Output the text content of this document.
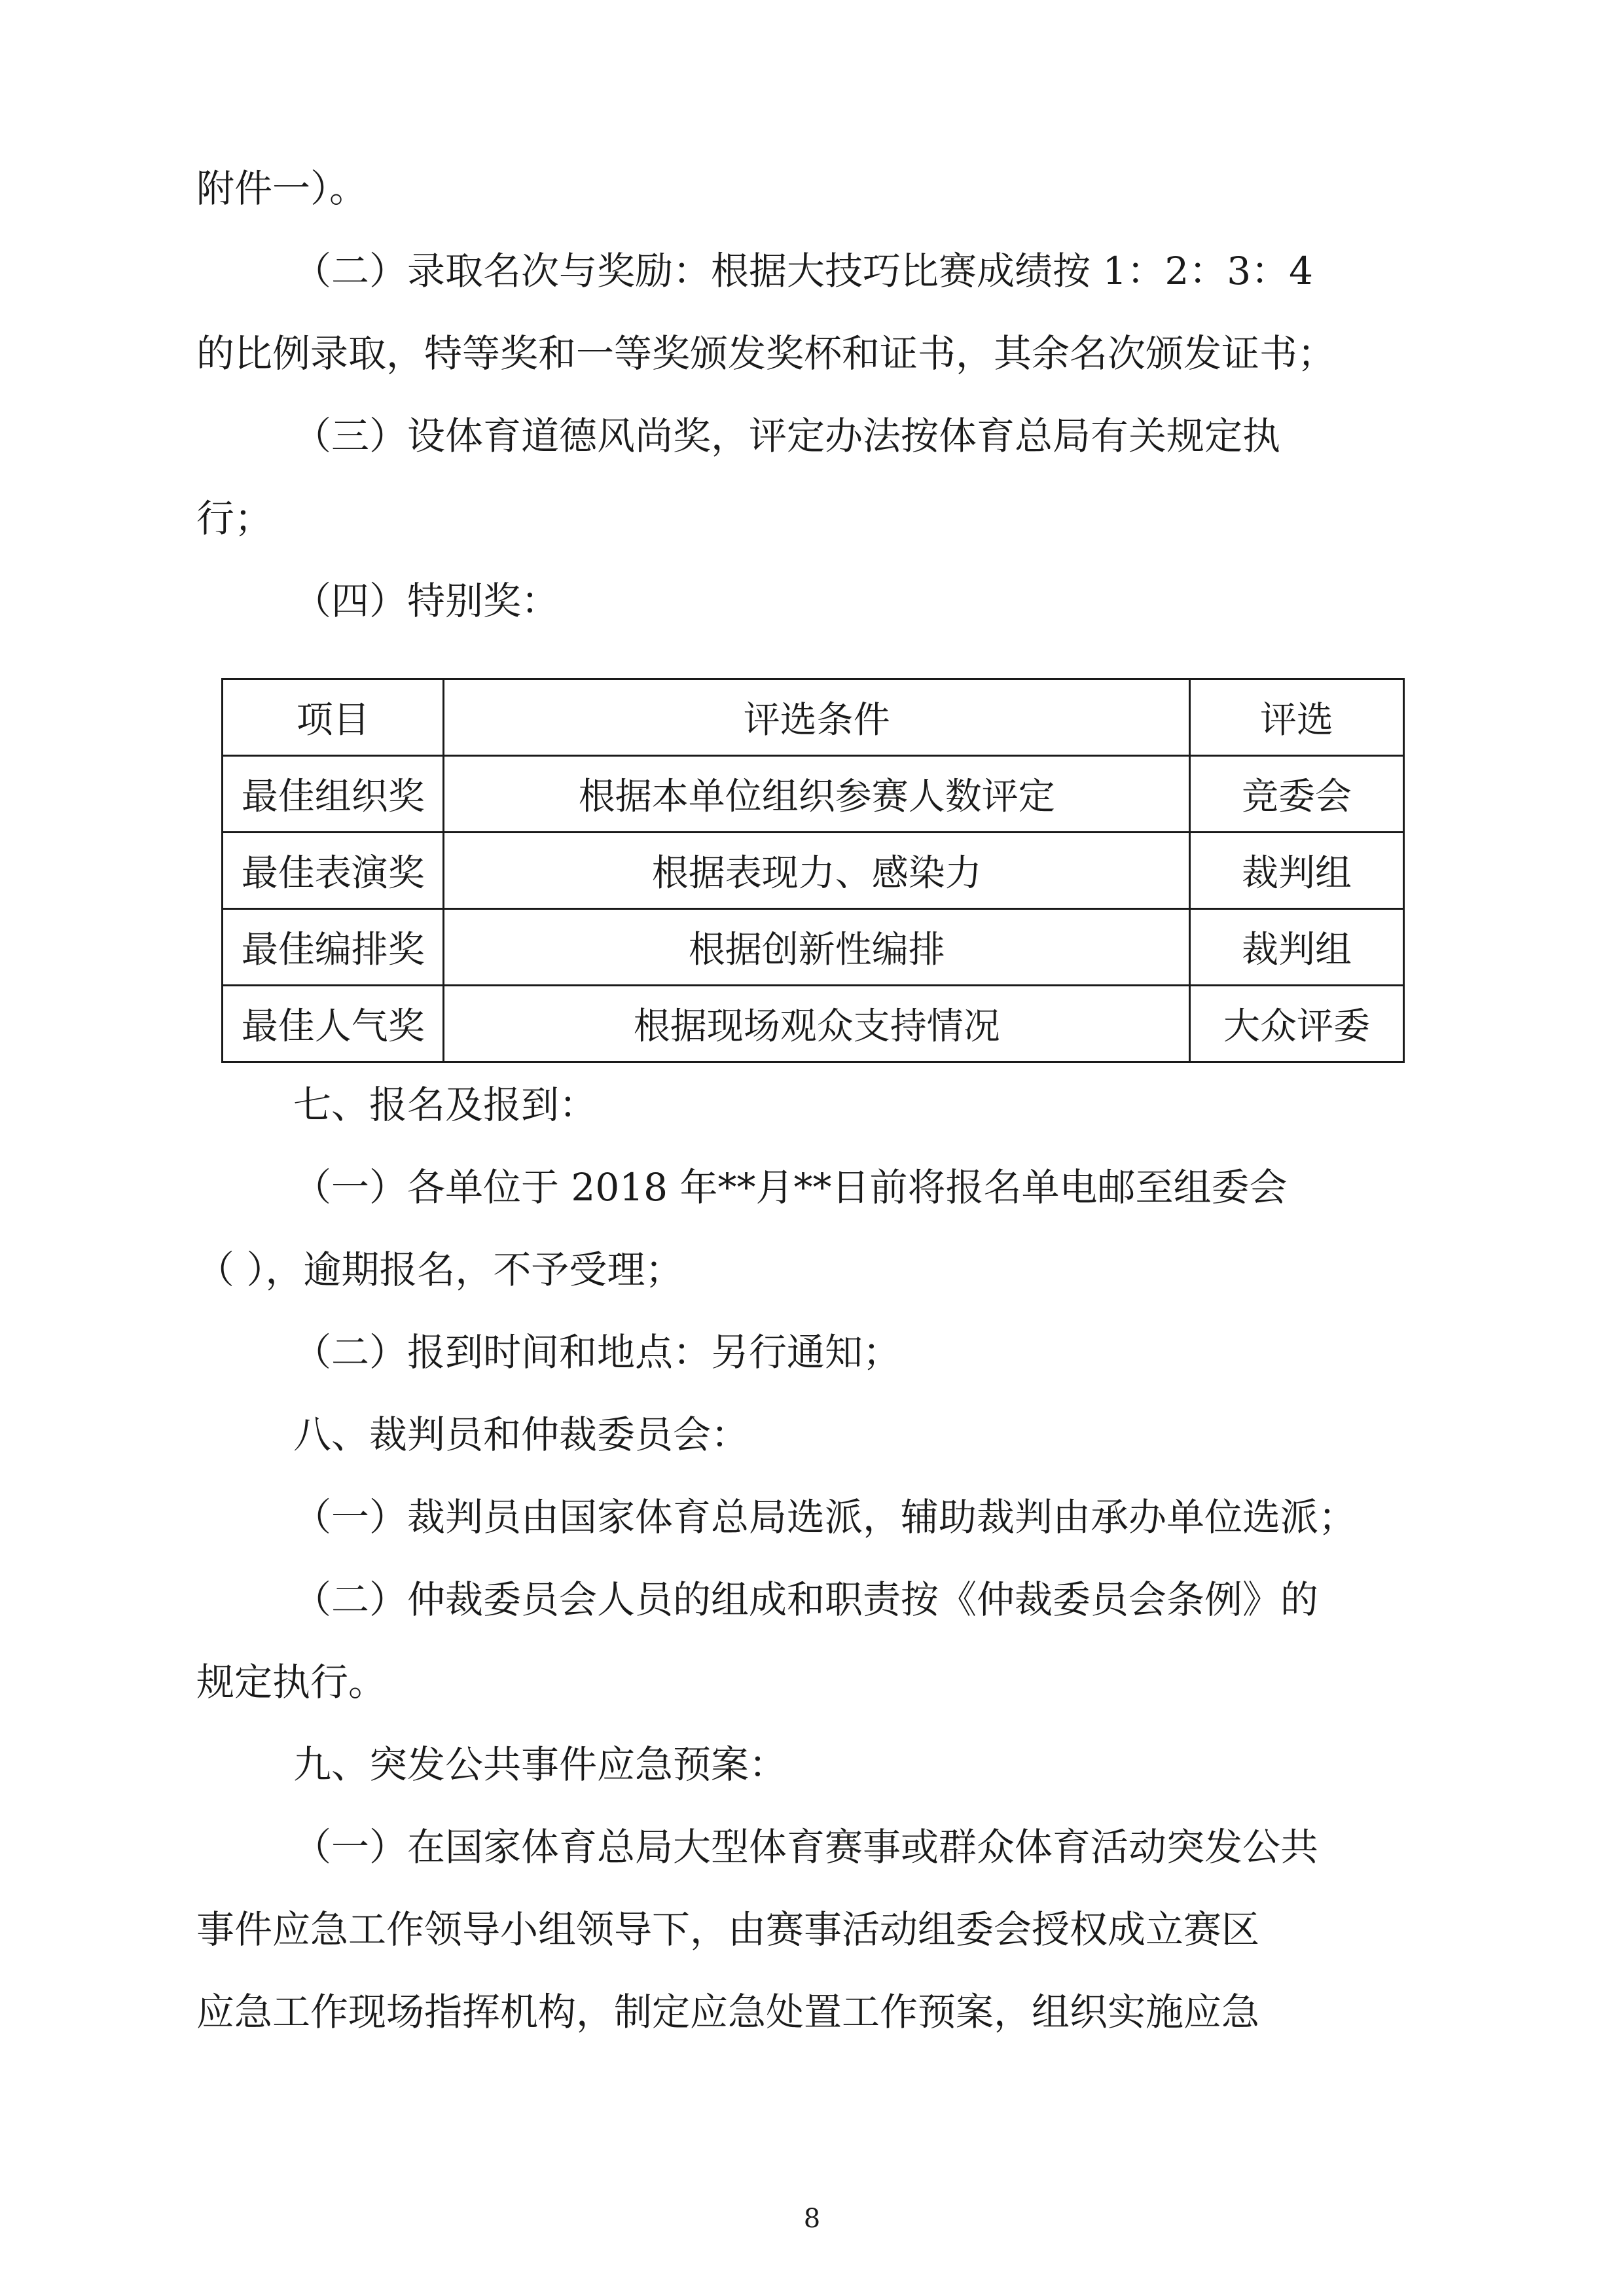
附件一）。

（二）录取名次与奖励：根据大技巧比赛成绩按 1：2：3：4

的比例录取，特等奖和一等奖颁发奖杯和证书，其余名次颁发证书；

（三）设体育道德风尚奖，评定办法按体育总局有关规定执

行；

（四）特别奖：

项目	评选条件	评选
最佳组织奖	根据本单位组织参赛人数评定	竞委会
最佳表演奖	根据表现力、感染力	裁判组
最佳编排奖	根据创新性编排	裁判组
最佳人气奖	根据现场观众支持情况	大众评委

七、报名及报到：

（一）各单位于 2018 年**月**日前将报名单电邮至组委会

（ ），逾期报名，不予受理；

（二）报到时间和地点：另行通知；

八、裁判员和仲裁委员会：

（一）裁判员由国家体育总局选派，辅助裁判由承办单位选派；

（二）仲裁委员会人员的组成和职责按《仲裁委员会条例》的

规定执行。

九、突发公共事件应急预案：

（一）在国家体育总局大型体育赛事或群众体育活动突发公共

事件应急工作领导小组领导下，由赛事活动组委会授权成立赛区

应急工作现场指挥机构，制定应急处置工作预案，组织实施应急

8
